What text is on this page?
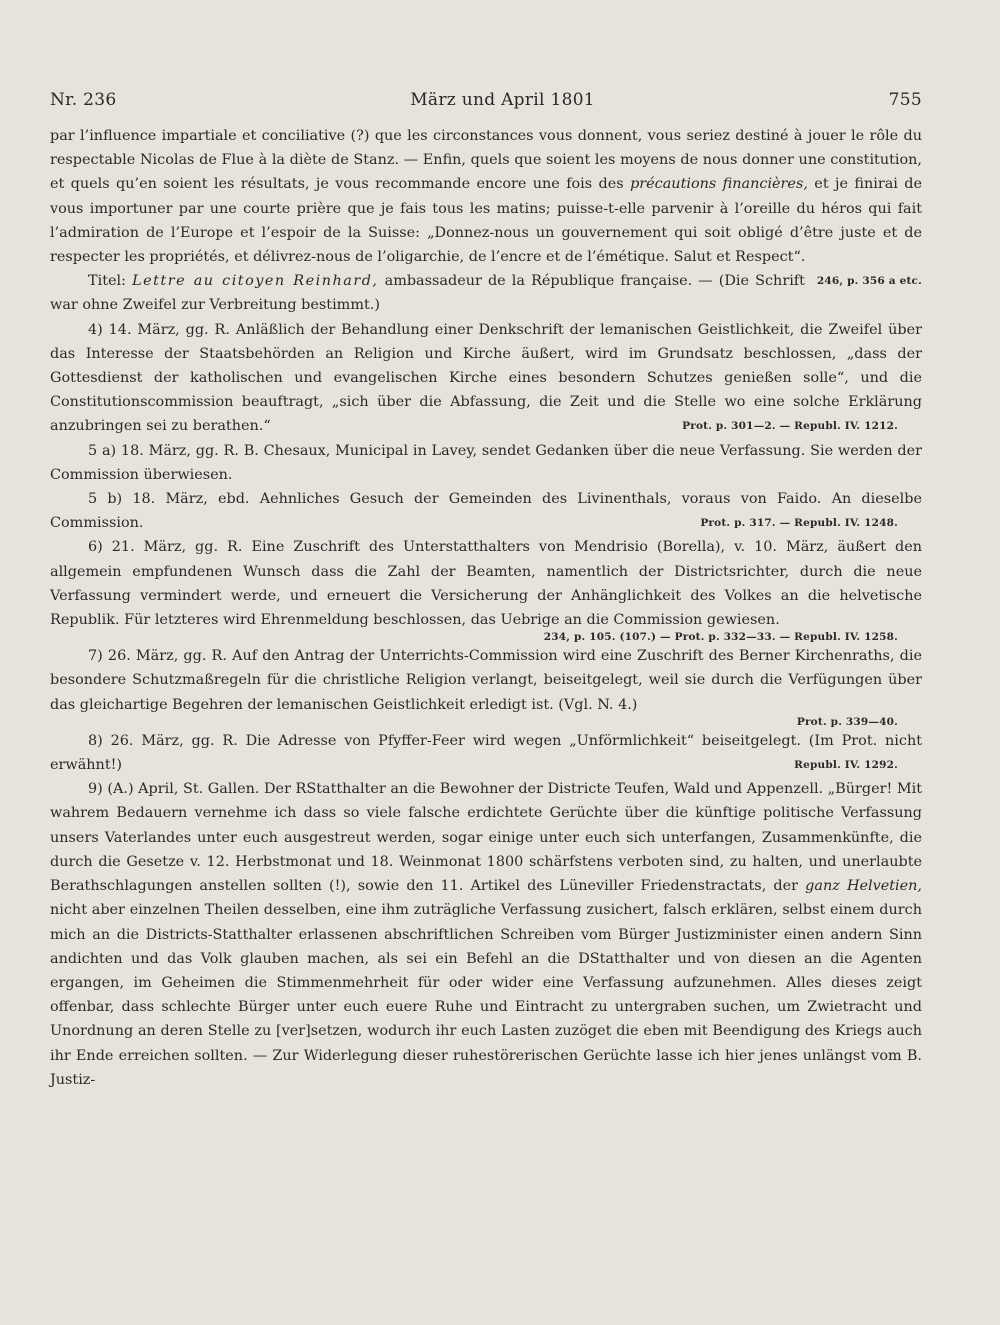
Nr. 236	März und April 1801	755

par l’influence impartiale et conciliative (?) que les circonstances vous donnent, vous seriez destiné à jouer le rôle du respectable Nicolas de Flue à la diète de Stanz. — Enfin, quels que soient les moyens de nous donner une constitution, et quels qu’en soient les résultats, je vous recommande encore une fois des précautions financières, et je finirai de vous importuner par une courte prière que je fais tous les matins; puisse-t-elle parvenir à l’oreille du héros qui fait l’admiration de l’Europe et l’espoir de la Suisse: „Donnez-nous un gouvernement qui soit obligé d’être juste et de respecter les propriétés, et délivrez-nous de l’oligarchie, de l’encre et de l’émétique. Salut et Respect“.
246, p. 356 a etc.

Titel: Lettre au citoyen Reinhard, ambassadeur de la République française. — (Die Schrift war ohne Zweifel zur Verbreitung bestimmt.)

4) 14. März, gg. R. Anläßlich der Behandlung einer Denkschrift der lemanischen Geistlichkeit, die Zweifel über das Interesse der Staatsbehörden an Religion und Kirche äußert, wird im Grundsatz beschlossen, „dass der Gottesdienst der katholischen und evangelischen Kirche eines besondern Schutzes genießen solle“, und die Constitutionscommission beauftragt, „sich über die Abfassung, die Zeit und die Stelle wo eine solche Erklärung anzubringen sei zu berathen.“	Prot. p. 301—2. — Republ. IV. 1212.

5 a) 18. März, gg. R. B. Chesaux, Municipal in Lavey, sendet Gedanken über die neue Verfassung. Sie werden der Commission überwiesen.

5 b) 18. März, ebd. Aehnliches Gesuch der Gemeinden des Livinenthals, voraus von Faido. An dieselbe Commission.	Prot. p. 317. — Republ. IV. 1248.

6) 21. März, gg. R. Eine Zuschrift des Unterstatthalters von Mendrisio (Borella), v. 10. März, äußert den allgemein empfundenen Wunsch dass die Zahl der Beamten, namentlich der Districtsrichter, durch die neue Verfassung vermindert werde, und erneuert die Versicherung der Anhänglichkeit des Volkes an die helvetische Republik. Für letzteres wird Ehrenmeldung beschlossen, das Uebrige an die Commission gewiesen.

234, p. 105. (107.) — Prot. p. 332—33. — Republ. IV. 1258.

7) 26. März, gg. R. Auf den Antrag der Unterrichts-Commission wird eine Zuschrift des Berner Kirchenraths, die besondere Schutzmaßregeln für die christliche Religion verlangt, beiseitgelegt, weil sie durch die Verfügungen über das gleichartige Begehren der lemanischen Geistlichkeit erledigt ist. (Vgl. N. 4.)

Prot. p. 339—40.

8) 26. März, gg. R. Die Adresse von Pfyffer-Feer wird wegen „Unförmlichkeit“ beiseitgelegt. (Im Prot. nicht erwähnt!)	Republ. IV. 1292.

9) (A.) April, St. Gallen. Der RStatthalter an die Bewohner der Districte Teufen, Wald und Appenzell. „Bürger! Mit wahrem Bedauern vernehme ich dass so viele falsche erdichtete Gerüchte über die künftige politische Verfassung unsers Vaterlandes unter euch ausgestreut werden, sogar einige unter euch sich unterfangen, Zusammenkünfte, die durch die Gesetze v. 12. Herbstmonat und 18. Weinmonat 1800 schärfstens verboten sind, zu halten, und unerlaubte Berathschlagungen anstellen sollten (!), sowie den 11. Artikel des Lüneviller Friedenstractats, der ganz Helvetien, nicht aber einzelnen Theilen desselben, eine ihm zuträgliche Verfassung zusichert, falsch erklären, selbst einem durch mich an die Districts-Statthalter erlassenen abschriftlichen Schreiben vom Bürger Justizminister einen andern Sinn andichten und das Volk glauben machen, als sei ein Befehl an die DStatthalter und von diesen an die Agenten ergangen, im Geheimen die Stimmenmehrheit für oder wider eine Verfassung aufzunehmen. Alles dieses zeigt offenbar, dass schlechte Bürger unter euch euere Ruhe und Eintracht zu untergraben suchen, um Zwietracht und Unordnung an deren Stelle zu [ver]setzen, wodurch ihr euch Lasten zuzöget die eben mit Beendigung des Kriegs auch ihr Ende erreichen sollten. — Zur Widerlegung dieser ruhestörerischen Gerüchte lasse ich hier jenes unlängst vom B. Justiz-
